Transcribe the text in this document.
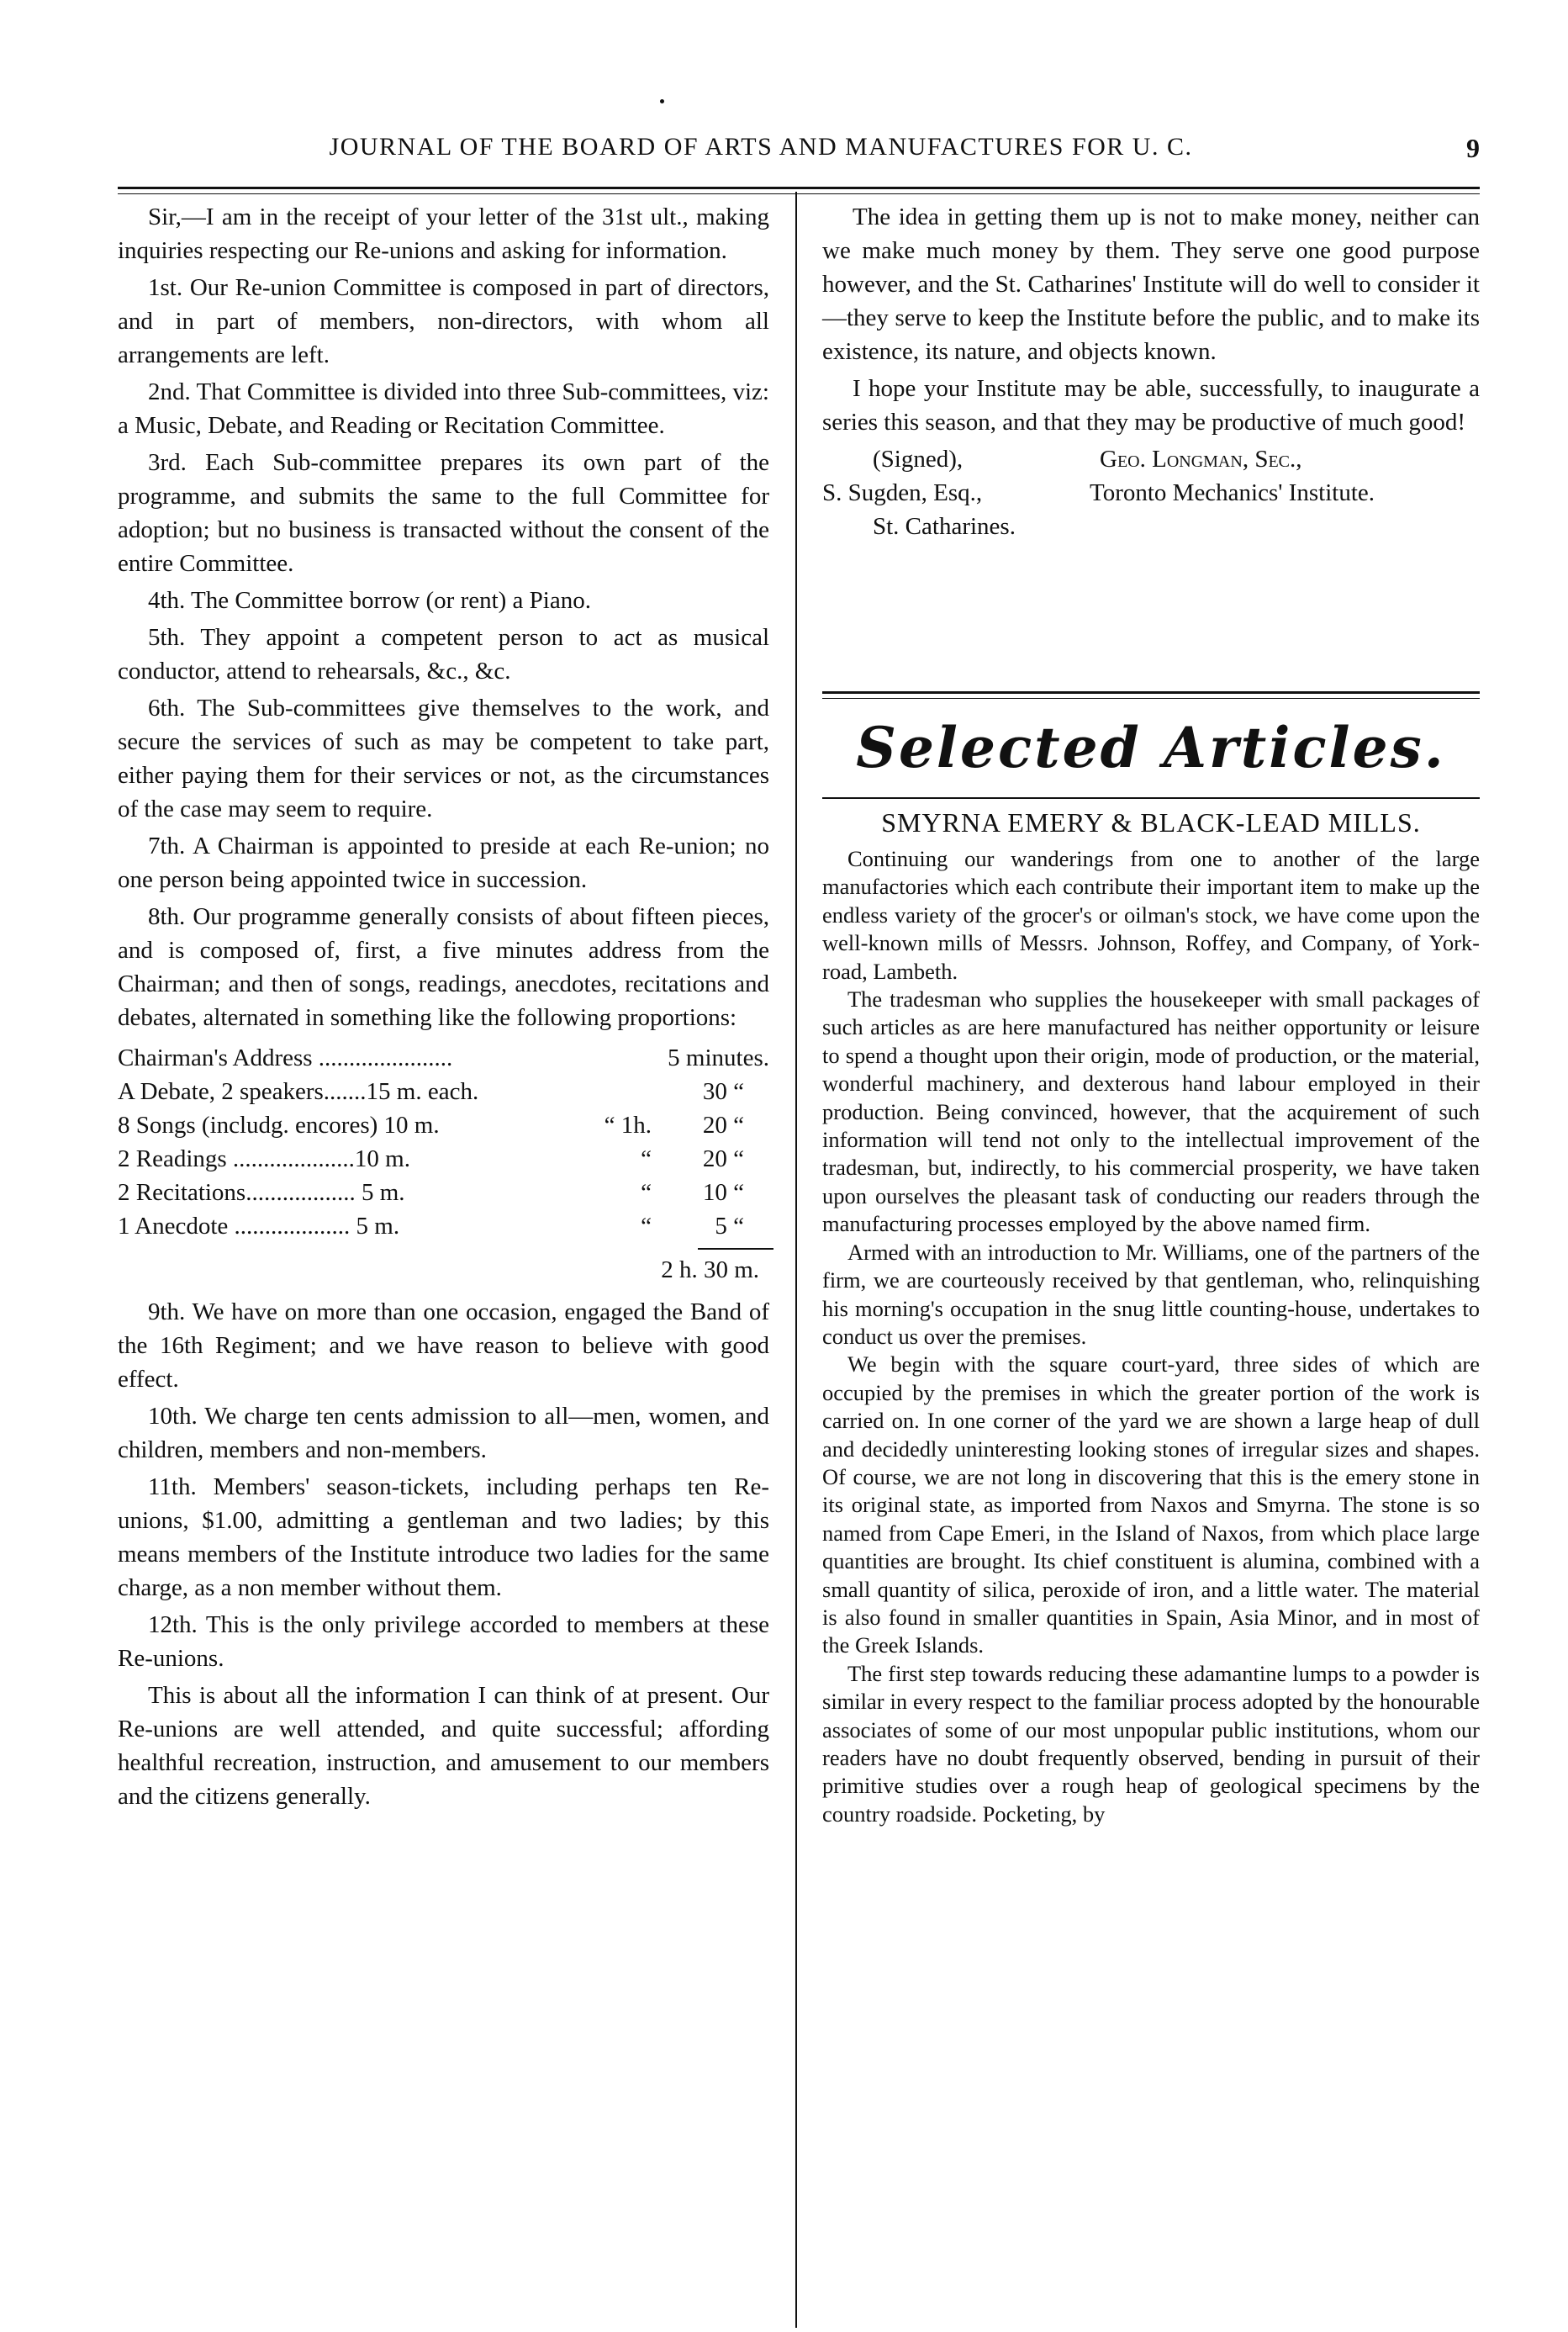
JOURNAL OF THE BOARD OF ARTS AND MANUFACTURES FOR U. C.	9

Sir,—I am in the receipt of your letter of the 31st ult., making inquiries respecting our Re-unions and asking for information.

1st. Our Re-union Committee is composed in part of directors, and in part of members, non-directors, with whom all arrangements are left.

2nd. That Committee is divided into three Sub-committees, viz: a Music, Debate, and Reading or Recitation Committee.

3rd. Each Sub-committee prepares its own part of the programme, and submits the same to the full Committee for adoption; but no business is transacted without the consent of the entire Committee.

4th. The Committee borrow (or rent) a Piano.

5th. They appoint a competent person to act as musical conductor, attend to rehearsals, &c., &c.

6th. The Sub-committees give themselves to the work, and secure the services of such as may be competent to take part, either paying them for their services or not, as the circumstances of the case may seem to require.

7th. A Chairman is appointed to preside at each Re-union; no one person being appointed twice in succession.

8th. Our programme generally consists of about fifteen pieces, and is composed of, first, a five minutes address from the Chairman; and then of songs, readings, anecdotes, recitations and debates, alternated in something like the following proportions:

Chairman's Address ......................		5 minutes.
A Debate, 2 speakers.......15 m. each.		30 “
8 Songs (includg. encores) 10 m.	“ 1h.	20 “
2 Readings ....................10 m.	“	20 “
2 Recitations.................. 5 m.	“	10 “
1 Anecdote ................... 5 m.	“	5 “
2 h. 30 m.

9th. We have on more than one occasion, engaged the Band of the 16th Regiment; and we have reason to believe with good effect.

10th. We charge ten cents admission to all—men, women, and children, members and non-members.

11th. Members' season-tickets, including perhaps ten Re-unions, $1.00, admitting a gentleman and two ladies; by this means members of the Institute introduce two ladies for the same charge, as a non member without them.

12th. This is the only privilege accorded to members at these Re-unions.

This is about all the information I can think of at present. Our Re-unions are well attended, and quite successful; affording healthful recreation, instruction, and amusement to our members and the citizens generally.

The idea in getting them up is not to make money, neither can we make much money by them. They serve one good purpose however, and the St. Catharines' Institute will do well to consider it—they serve to keep the Institute before the public, and to make its existence, its nature, and objects known.

I hope your Institute may be able, successfully, to inaugurate a series this season, and that they may be productive of much good!

(Signed),	Geo. Longman, Sec.,
S. Sugden, Esq.,	Toronto Mechanics' Institute.
St. Catharines.
Selected Articles.
SMYRNA EMERY & BLACK-LEAD MILLS.

Continuing our wanderings from one to another of the large manufactories which each contribute their important item to make up the endless variety of the grocer's or oilman's stock, we have come upon the well-known mills of Messrs. Johnson, Roffey, and Company, of York-road, Lambeth.

The tradesman who supplies the housekeeper with small packages of such articles as are here manufactured has neither opportunity or leisure to spend a thought upon their origin, mode of production, or the material, wonderful machinery, and dexterous hand labour employed in their production. Being convinced, however, that the acquirement of such information will tend not only to the intellectual improvement of the tradesman, but, indirectly, to his commercial prosperity, we have taken upon ourselves the pleasant task of conducting our readers through the manufacturing processes employed by the above named firm.

Armed with an introduction to Mr. Williams, one of the partners of the firm, we are courteously received by that gentleman, who, relinquishing his morning's occupation in the snug little counting-house, undertakes to conduct us over the premises.

We begin with the square court-yard, three sides of which are occupied by the premises in which the greater portion of the work is carried on. In one corner of the yard we are shown a large heap of dull and decidedly uninteresting looking stones of irregular sizes and shapes. Of course, we are not long in discovering that this is the emery stone in its original state, as imported from Naxos and Smyrna. The stone is so named from Cape Emeri, in the Island of Naxos, from which place large quantities are brought. Its chief constituent is alumina, combined with a small quantity of silica, peroxide of iron, and a little water. The material is also found in smaller quantities in Spain, Asia Minor, and in most of the Greek Islands.

The first step towards reducing these adamantine lumps to a powder is similar in every respect to the familiar process adopted by the honourable associates of some of our most unpopular public institutions, whom our readers have no doubt frequently observed, bending in pursuit of their primitive studies over a rough heap of geological specimens by the country roadside. Pocketing, by
